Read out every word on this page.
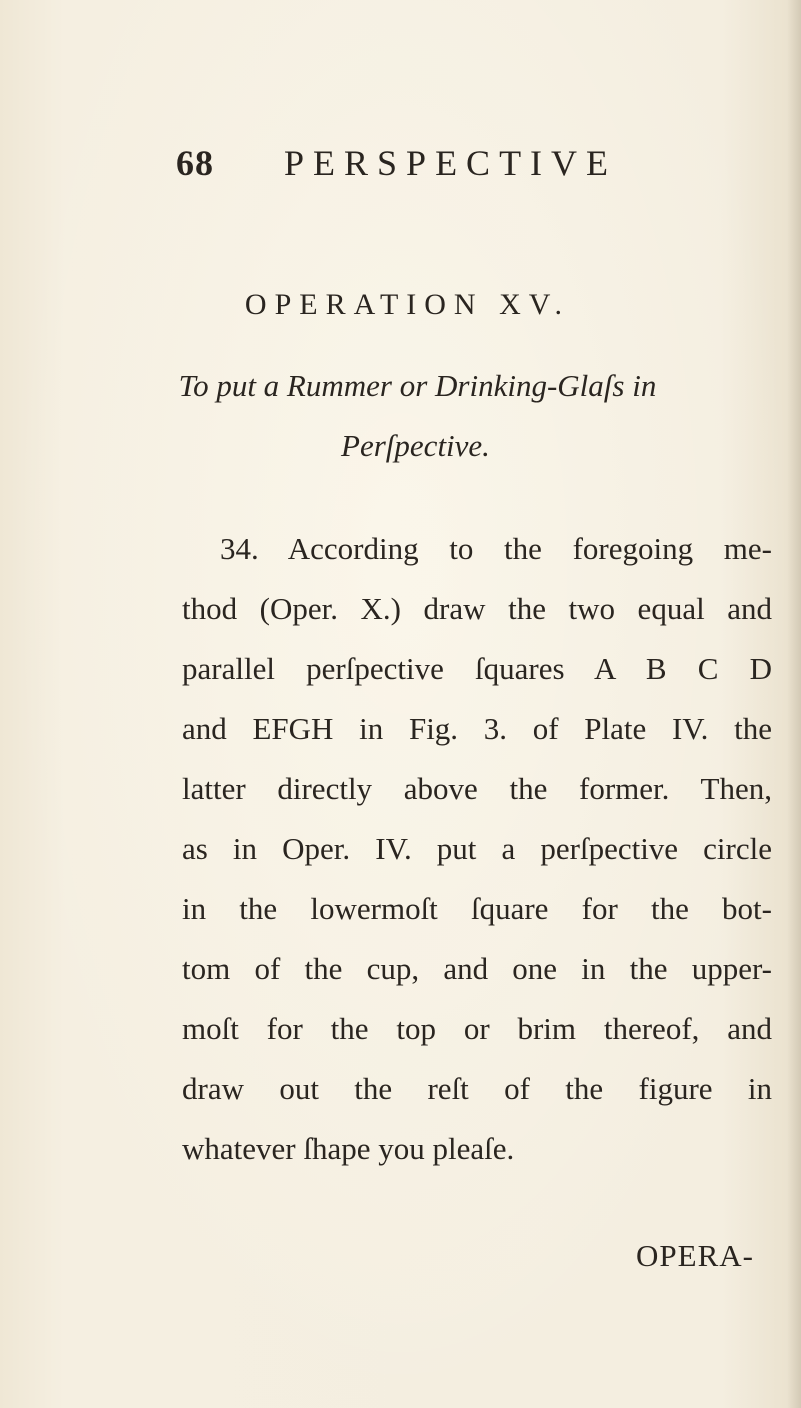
68 PERSPECTIVE
OPERATION XV.
To put a Rummer or Drinking-Glaſs in
Perſpective.
34. According to the foregoing me-
thod (Oper. X.) draw the two equal and
parallel perſpective ſquares A B C D
and EFGH in Fig. 3. of Plate IV. the
latter directly above the former. Then,
as in Oper. IV. put a perſpective circle
in the lowermoſt ſquare for the bot-
tom of the cup, and one in the upper-
moſt for the top or brim thereof, and
draw out the reſt of the figure in
whatever ſhape you pleaſe.
OPERA-
